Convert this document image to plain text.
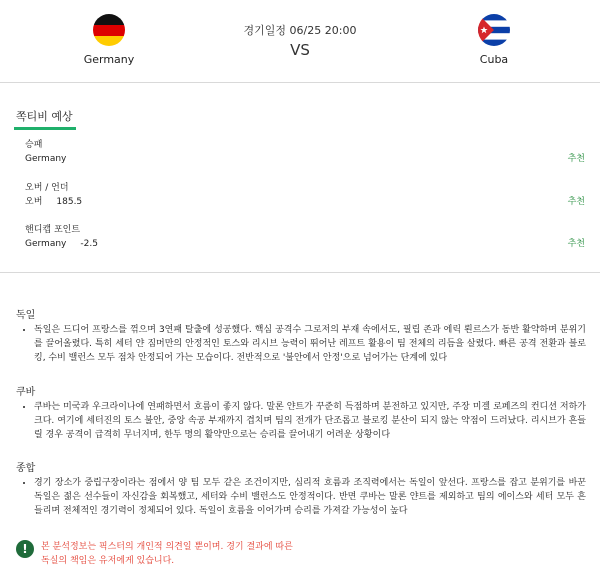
Germany
경기일정 06/25 20:00
VS
Cuba
쪽티비 예상
승패
Germany	추천
오버 / 언더
오버 185.5	추천
핸디캡 포인트
Germany -2.5	추천
독일
• 독일은 드디어 프랑스를 꺾으며 3연패 탈출에 성공했다. 핵심 공격수 그로저의 부재 속에서도, 필립 존과 에릭 뢴르스가 동반 활약하며 분위기를 끌어올렸다. 특히 세터 얀 짐머만의 안정적인 토스와 리시브 능력이 뛰어난 레프트 활용이 팀 전체의 리듬을 살렸다. 빠른 공격 전환과 블로킹, 수비 밸런스 모두 점차 안정되어 가는 모습이다. 전반적으로 '불안에서 안정'으로 넘어가는 단계에 있다
쿠바
• 쿠바는 미국과 우크라이나에 연패하면서 흐름이 좋지 않다. 말론 얀트가 꾸준히 득점하며 분전하고 있지만, 주장 미겔 로페즈의 컨디션 저하가 크다. 여기에 세터진의 토스 불안, 중앙 속공 부재까지 겹치며 팀의 전개가 단조롭고 블로킹 분산이 되지 않는 약점이 드러났다. 리시브가 흔들릴 경우 공격이 급격히 무너지며, 한두 명의 활약만으로는 승리를 끌어내기 어려운 상황이다
종합
• 경기 장소가 중립구장이라는 점에서 양 팀 모두 같은 조건이지만, 심리적 흐름과 조직력에서는 독일이 앞선다. 프랑스를 잡고 분위기를 바꾼 독일은 젊은 선수들이 자신감을 회복했고, 세터와 수비 밸런스도 안정적이다. 반면 쿠바는 말론 얀트를 제외하고 팀의 에이스와 세터 모두 흔들리며 전체적인 경기력이 정체되어 있다. 독일이 흐름을 이어가며 승리를 가져갈 가능성이 높다
!	본 분석정보는 픽스터의 개인적 의견일 뿐이며. 경기 결과에 따른
독실의 책임은 유저에게 있습니다.
